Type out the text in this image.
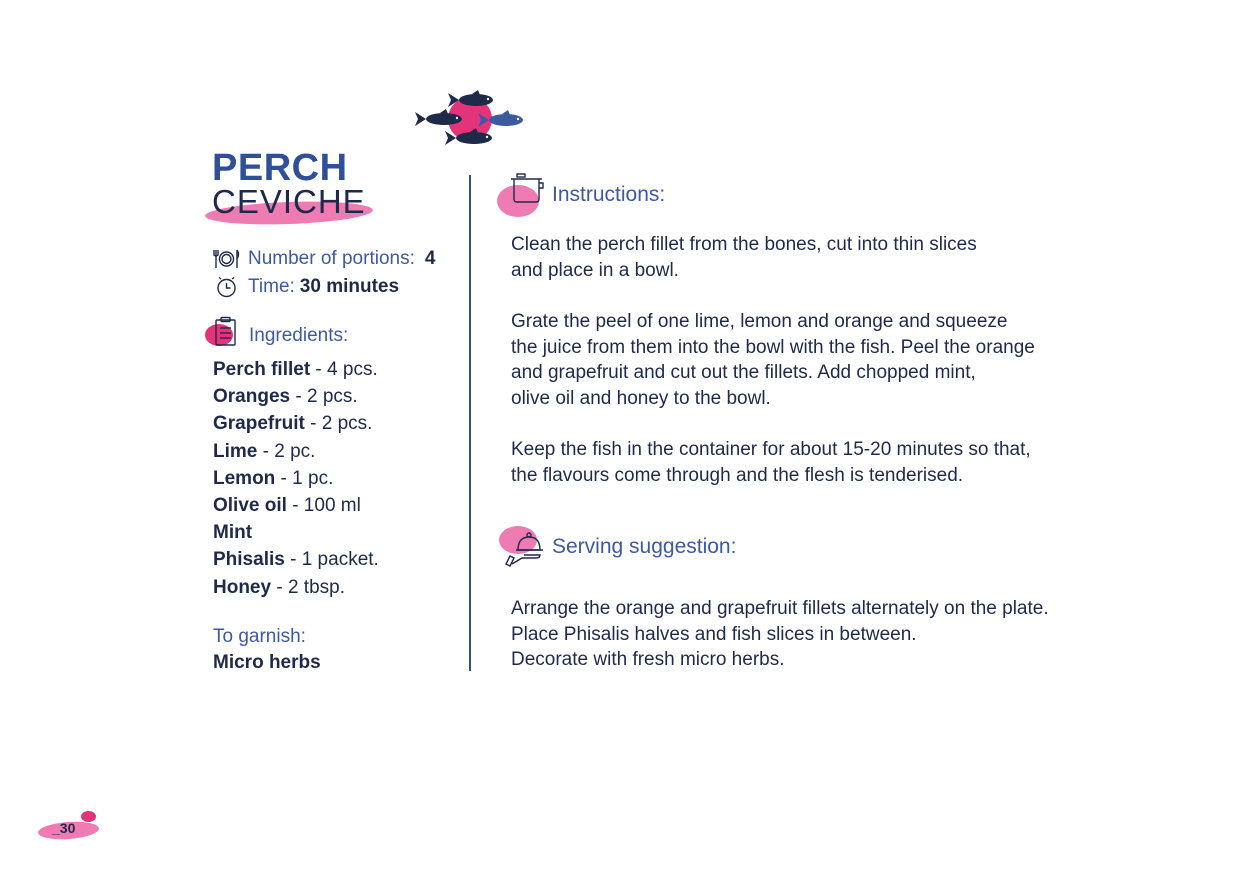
PERCH
CEVICHE
Number of portions: 4
Time: 30 minutes
Ingredients:
Perch fillet - 4 pcs.
Oranges - 2 pcs.
Grapefruit - 2 pcs.
Lime - 2 pc.
Lemon - 1 pc.
Olive oil - 100 ml
Mint
Phisalis - 1 packet.
Honey - 2 tbsp.
To garnish:
Micro herbs
Instructions:
Clean the perch fillet from the bones, cut into thin slices
and place in a bowl.
Grate the peel of one lime, lemon and orange and squeeze
the juice from them into the bowl with the fish. Peel the orange
and grapefruit and cut out the fillets. Add chopped mint,
olive oil and honey to the bowl.
Keep the fish in the container for about 15-20 minutes so that,
the flavours come through and the flesh is tenderised.
Serving suggestion:
Arrange the orange and grapefruit fillets alternately on the plate.
Place Phisalis halves and fish slices in between.
Decorate with fresh micro herbs.
_30
